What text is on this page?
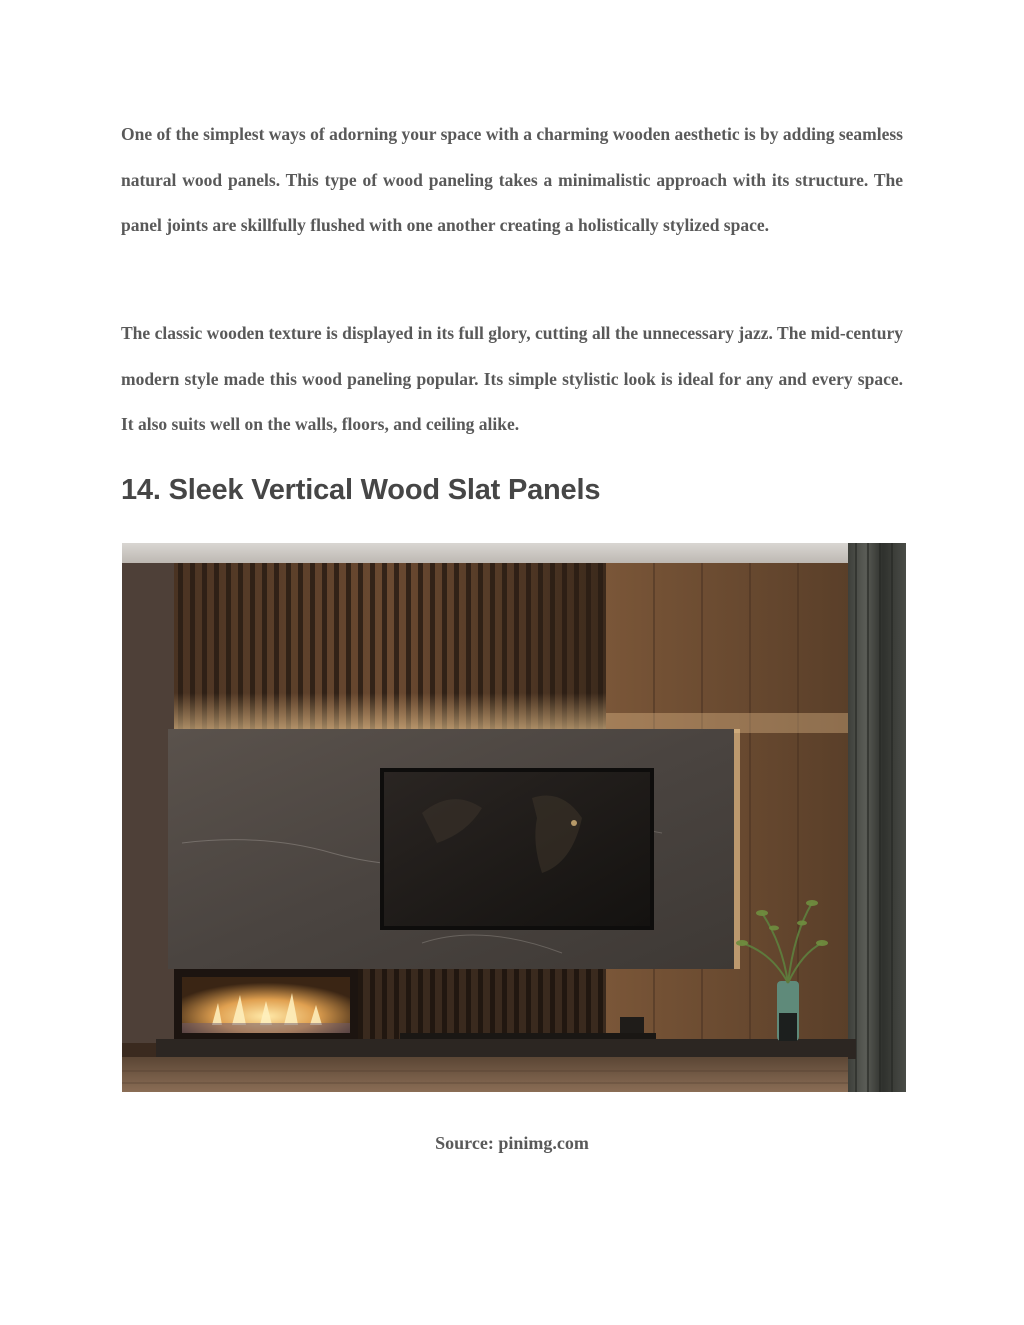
One of the simplest ways of adorning your space with a charming wooden aesthetic is by adding seamless natural wood panels. This type of wood paneling takes a minimalistic approach with its structure. The panel joints are skillfully flushed with one another creating a holistically stylized space.

The classic wooden texture is displayed in its full glory, cutting all the unnecessary jazz. The mid-century modern style made this wood paneling popular. Its simple stylistic look is ideal for any and every space. It also suits well on the walls, floors, and ceiling alike.

14. Sleek Vertical Wood Slat Panels

Source: pinimg.com
